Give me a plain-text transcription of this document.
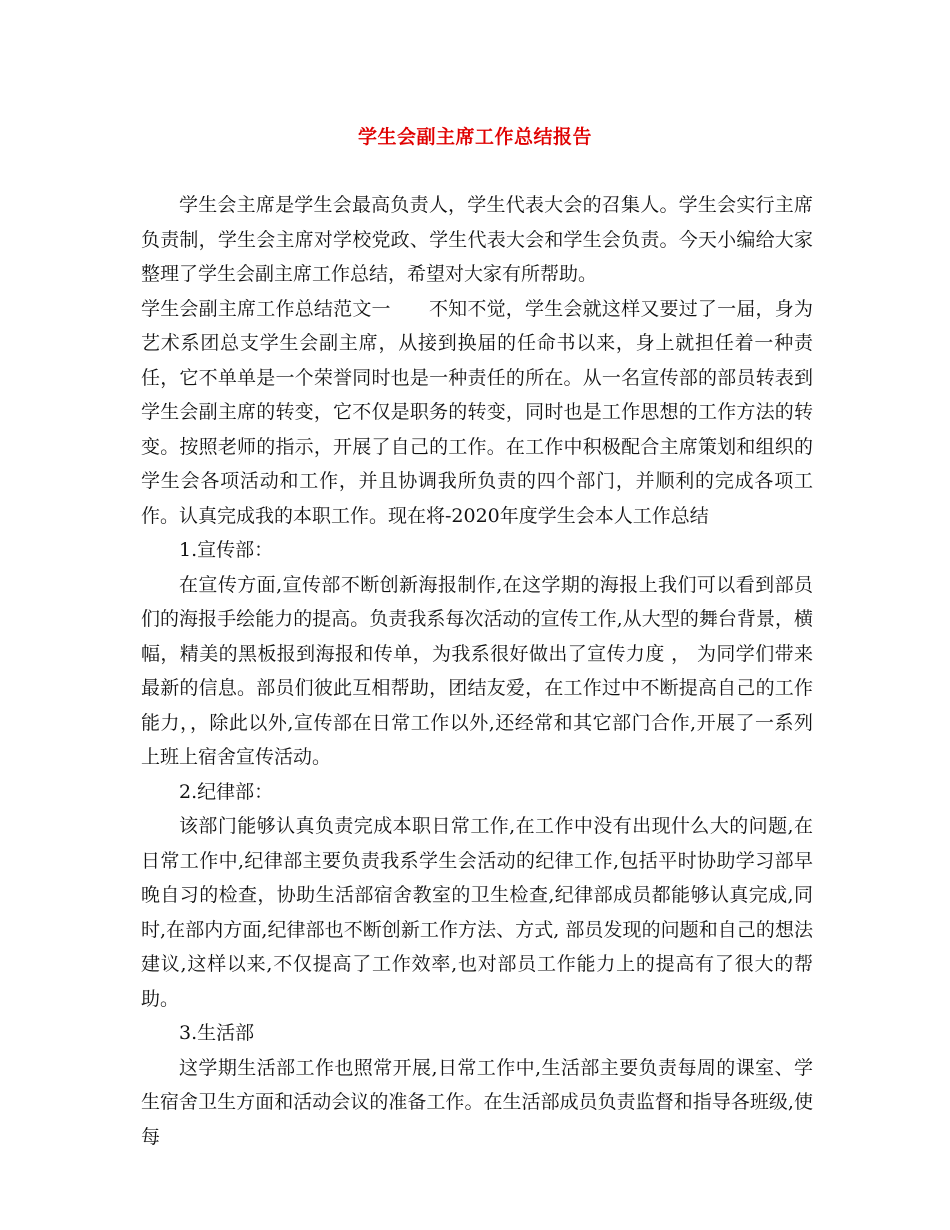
学生会副主席工作总结报告

学生会主席是学生会最高负责人，学生代表大会的召集人。学生会实行主席负责制，学生会主席对学校党政、学生代表大会和学生会负责。今天小编给大家整理了学生会副主席工作总结，希望对大家有所帮助。

学生会副主席工作总结范文一 不知不觉，学生会就这样又要过了一届，身为艺术系团总支学生会副主席，从接到换届的任命书以来，身上就担任着一种责任，它不单单是一个荣誉同时也是一种责任的所在。从一名宣传部的部员转表到学生会副主席的转变，它不仅是职务的转变，同时也是工作思想的工作方法的转变。按照老师的指示，开展了自己的工作。在工作中积极配合主席策划和组织的学生会各项活动和工作，并且协调我所负责的四个部门，并顺利的完成各项工作。认真完成我的本职工作。现在将-2020年度学生会本人工作总结

1.宣传部：

在宣传方面,宣传部不断创新海报制作,在这学期的海报上我们可以看到部员们的海报手绘能力的提高。负责我系每次活动的宣传工作,从大型的舞台背景，横幅，精美的黑板报到海报和传单，为我系很好做出了宣传力度 ， 为同学们带来最新的信息。部员们彼此互相帮助，团结友爱，在工作过中不断提高自己的工作能力，，除此以外,宣传部在日常工作以外,还经常和其它部门合作,开展了一系列上班上宿舍宣传活动。

2.纪律部：

该部门能够认真负责完成本职日常工作,在工作中没有出现什么大的问题,在日常工作中,纪律部主要负责我系学生会活动的纪律工作,包括平时协助学习部早晚自习的检查，协助生活部宿舍教室的卫生检查,纪律部成员都能够认真完成,同时,在部内方面,纪律部也不断创新工作方法、方式, 部员发现的问题和自己的想法建议,这样以来,不仅提高了工作效率,也对部员工作能力上的提高有了很大的帮助。

3.生活部

这学期生活部工作也照常开展,日常工作中,生活部主要负责每周的课室、学生宿舍卫生方面和活动会议的准备工作。在生活部成员负责监督和指导各班级,使每
